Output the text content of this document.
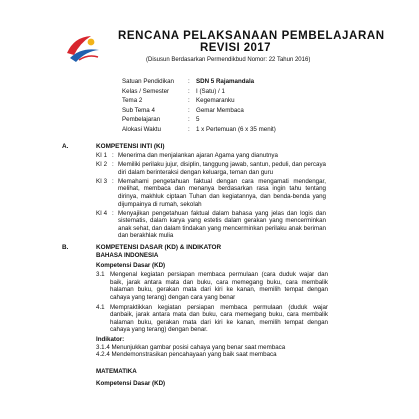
RENCANA PELAKSANAAN PEMBELAJARAN
REVISI 2017
(Disusun Berdasarkan Permendikbud Nomor: 22 Tahun 2016)
Satuan Pendidikan	:	SDN 5 Rajamandala
Kelas / Semester	:	I (Satu) / 1
Tema 2	:	Kegemaranku
Sub Tema 4	:	Gemar Membaca
Pembelajaran	:	5
Alokasi Waktu	:	1 x Pertemuan (6 x 35 menit)
A.	KOMPETENSI INTI (KI)
KI 1 : Menerima dan menjalankan ajaran Agama yang dianutnya
KI 2 : Memiliki perilaku jujur, disiplin, tanggung jawab, santun, peduli, dan percaya diri dalam berinteraksi dengan keluarga, teman dan guru
KI 3 : Memahami pengetahuan faktual dengan cara mengamati mendengar, melihat, membaca dan menanya berdasarkan rasa ingin tahu tentang dirinya, makhluk ciptaan Tuhan dan kegiatannya, dan benda-benda yang dijumpainya di rumah, sekolah
KI 4 : Menyajikan pengetahuan faktual dalam bahasa yang jelas dan logis dan sistematis, dalam karya yang estetis dalam gerakan yang mencerminkan anak sehat, dan dalam tindakan yang mencerminkan perilaku anak beriman dan berakhlak mulia
B.	KOMPETENSI DASAR (KD) & INDIKATOR
BAHASA INDONESIA
Kompetensi Dasar (KD)
3.1 Mengenal kegiatan persiapan membaca permulaan (cara duduk wajar dan baik, jarak antara mata dan buku, cara memegang buku, cara membalik halaman buku, gerakan mata dari kiri ke kanan, memilih tempat dengan cahaya yang terang) dengan cara yang benar
4.1 Mempraktikkan kegiatan persiapan membaca permulaan (duduk wajar danbaik, jarak antara mata dan buku, cara memegang buku, cara membalik halaman buku, gerakan mata dari kiri ke kanan, memilih tempat dengan cahaya yang terang) dengan benar.
Indikator:
3.1.4 Menunjukkan gambar posisi cahaya yang benar saat membaca
4.2.4 Mendemonstrasikan pencahayaan yang baik saat membaca
MATEMATIKA
Kompetensi Dasar (KD)
